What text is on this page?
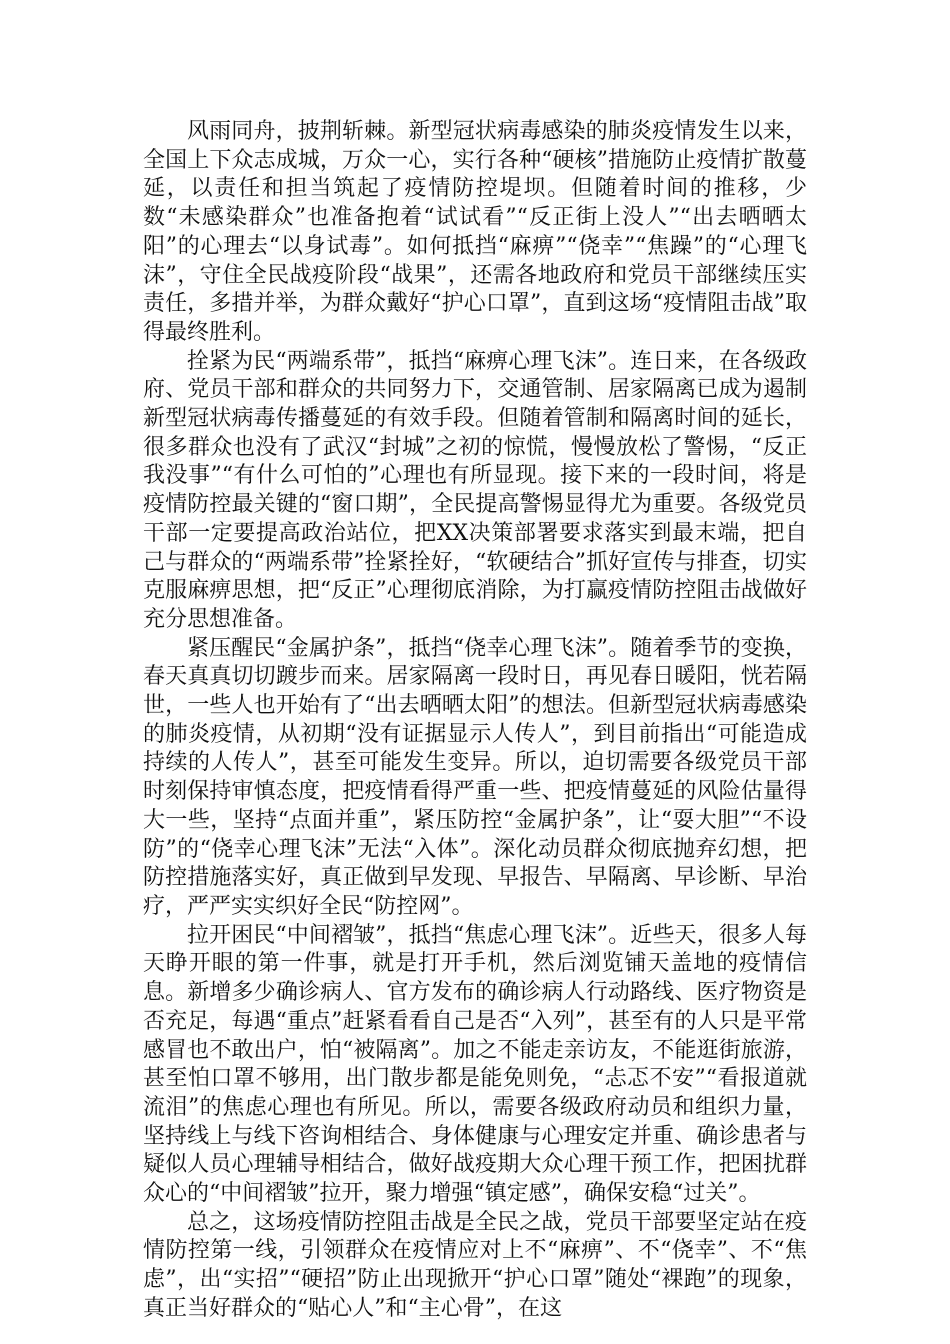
风雨同舟，披荆斩棘。新型冠状病毒感染的肺炎疫情发生以来，全国上下众志成城，万众一心，实行各种“硬核”措施防止疫情扩散蔓延，以责任和担当筑起了疫情防控堤坝。但随着时间的推移，少数“未感染群众”也准备抱着“试试看”“反正街上没人”“出去晒晒太阳”的心理去“以身试毒”。如何抵挡“麻痹”“侥幸”“焦躁”的“心理飞沫”，守住全民战疫阶段“战果”，还需各地政府和党员干部继续压实责任，多措并举，为群众戴好“护心口罩”，直到这场“疫情阻击战”取得最终胜利。

拴紧为民“两端系带”，抵挡“麻痹心理飞沫”。连日来，在各级政府、党员干部和群众的共同努力下，交通管制、居家隔离已成为遏制新型冠状病毒传播蔓延的有效手段。但随着管制和隔离时间的延长，很多群众也没有了武汉“封城”之初的惊慌，慢慢放松了警惕，“反正我没事”“有什么可怕的”心理也有所显现。接下来的一段时间，将是疫情防控最关键的“窗口期”，全民提高警惕显得尤为重要。各级党员干部一定要提高政治站位，把XX决策部署要求落实到最末端，把自己与群众的“两端系带”拴紧拴好，“软硬结合”抓好宣传与排查，切实克服麻痹思想，把“反正”心理彻底消除，为打赢疫情防控阻击战做好充分思想准备。

紧压醒民“金属护条”，抵挡“侥幸心理飞沫”。随着季节的变换，春天真真切切踱步而来。居家隔离一段时日，再见春日暖阳，恍若隔世，一些人也开始有了“出去晒晒太阳”的想法。但新型冠状病毒感染的肺炎疫情，从初期“没有证据显示人传人”，到目前指出“可能造成持续的人传人”，甚至可能发生变异。所以，迫切需要各级党员干部时刻保持审慎态度，把疫情看得严重一些、把疫情蔓延的风险估量得大一些，坚持“点面并重”，紧压防控“金属护条”，让“耍大胆”“不设防”的“侥幸心理飞沫”无法“入体”。深化动员群众彻底抛弃幻想，把防控措施落实好，真正做到早发现、早报告、早隔离、早诊断、早治疗，严严实实织好全民“防控网”。

拉开困民“中间褶皱”，抵挡“焦虑心理飞沫”。近些天，很多人每天睁开眼的第一件事，就是打开手机，然后浏览铺天盖地的疫情信息。新增多少确诊病人、官方发布的确诊病人行动路线、医疗物资是否充足，每遇“重点”赶紧看看自己是否“入列”，甚至有的人只是平常感冒也不敢出户，怕“被隔离”。加之不能走亲访友，不能逛街旅游，甚至怕口罩不够用，出门散步都是能免则免，“忐忑不安”“看报道就流泪”的焦虑心理也有所见。所以，需要各级政府动员和组织力量，坚持线上与线下咨询相结合、身体健康与心理安定并重、确诊患者与疑似人员心理辅导相结合，做好战疫期大众心理干预工作，把困扰群众心的“中间褶皱”拉开，聚力增强“镇定感”，确保安稳“过关”。

总之，这场疫情防控阻击战是全民之战，党员干部要坚定站在疫情防控第一线，引领群众在疫情应对上不“麻痹”、不“侥幸”、不“焦虑”，出“实招”“硬招”防止出现掀开“护心口罩”随处“裸跑”的现象，真正当好群众的“贴心人”和“主心骨”，在这
